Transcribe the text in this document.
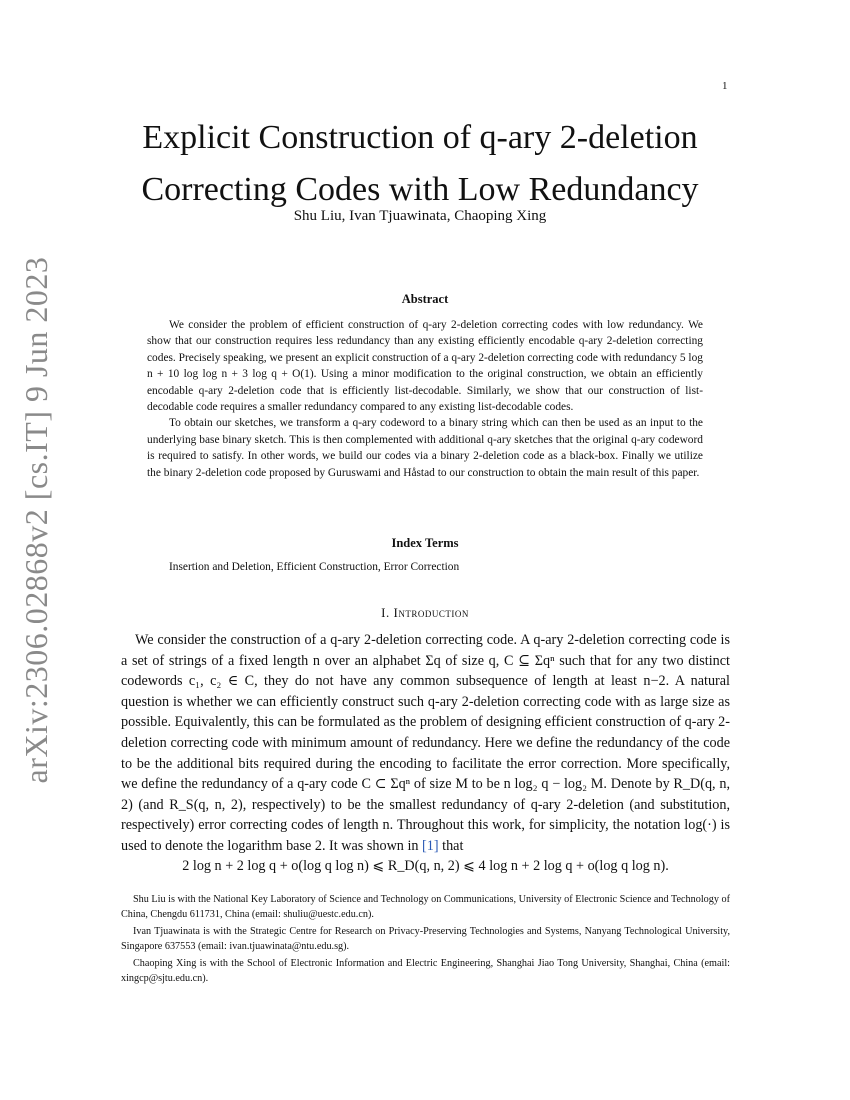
1
arXiv:2306.02868v2 [cs.IT] 9 Jun 2023
Explicit Construction of q-ary 2-deletion
Correcting Codes with Low Redundancy
Shu Liu, Ivan Tjuawinata, Chaoping Xing
Abstract

We consider the problem of efficient construction of q-ary 2-deletion correcting codes with low redundancy. We show that our construction requires less redundancy than any existing efficiently encodable q-ary 2-deletion correcting codes. Precisely speaking, we present an explicit construction of a q-ary 2-deletion correcting code with redundancy 5 log n + 10 log log n + 3 log q + O(1). Using a minor modification to the original construction, we obtain an efficiently encodable q-ary 2-deletion code that is efficiently list-decodable. Similarly, we show that our construction of list-decodable code requires a smaller redundancy compared to any existing list-decodable codes.

To obtain our sketches, we transform a q-ary codeword to a binary string which can then be used as an input to the underlying base binary sketch. This is then complemented with additional q-ary sketches that the original q-ary codeword is required to satisfy. In other words, we build our codes via a binary 2-deletion code as a black-box. Finally we utilize the binary 2-deletion code proposed by Guruswami and Håstad to our construction to obtain the main result of this paper.

Index Terms
Insertion and Deletion, Efficient Construction, Error Correction
I. Introduction

We consider the construction of a q-ary 2-deletion correcting code. A q-ary 2-deletion correcting code is a set of strings of a fixed length n over an alphabet Σq of size q, C ⊆ Σqⁿ such that for any two distinct codewords c₁, c₂ ∈ C, they do not have any common subsequence of length at least n−2. A natural question is whether we can efficiently construct such q-ary 2-deletion correcting code with as large size as possible. Equivalently, this can be formulated as the problem of designing efficient construction of q-ary 2-deletion correcting code with minimum amount of redundancy. Here we define the redundancy of the code to be the additional bits required during the encoding to facilitate the error correction. More specifically, we define the redundancy of a q-ary code C ⊂ Σqⁿ of size M to be n log₂ q − log₂ M. Denote by R_D(q, n, 2) (and R_S(q, n, 2), respectively) to be the smallest redundancy of q-ary 2-deletion (and substitution, respectively) error correcting codes of length n. Throughout this work, for simplicity, the notation log(·) is used to denote the logarithm base 2. It was shown in [1] that

2 log n + 2 log q + o(log q log n) ⩽ R_D(q, n, 2) ⩽ 4 log n + 2 log q + o(log q log n).

Shu Liu is with the National Key Laboratory of Science and Technology on Communications, University of Electronic Science and Technology of China, Chengdu 611731, China (email: shuliu@uestc.edu.cn).

Ivan Tjuawinata is with the Strategic Centre for Research on Privacy-Preserving Technologies and Systems, Nanyang Technological University, Singapore 637553 (email: ivan.tjuawinata@ntu.edu.sg).

Chaoping Xing is with the School of Electronic Information and Electric Engineering, Shanghai Jiao Tong University, Shanghai, China (email: xingcp@sjtu.edu.cn).
